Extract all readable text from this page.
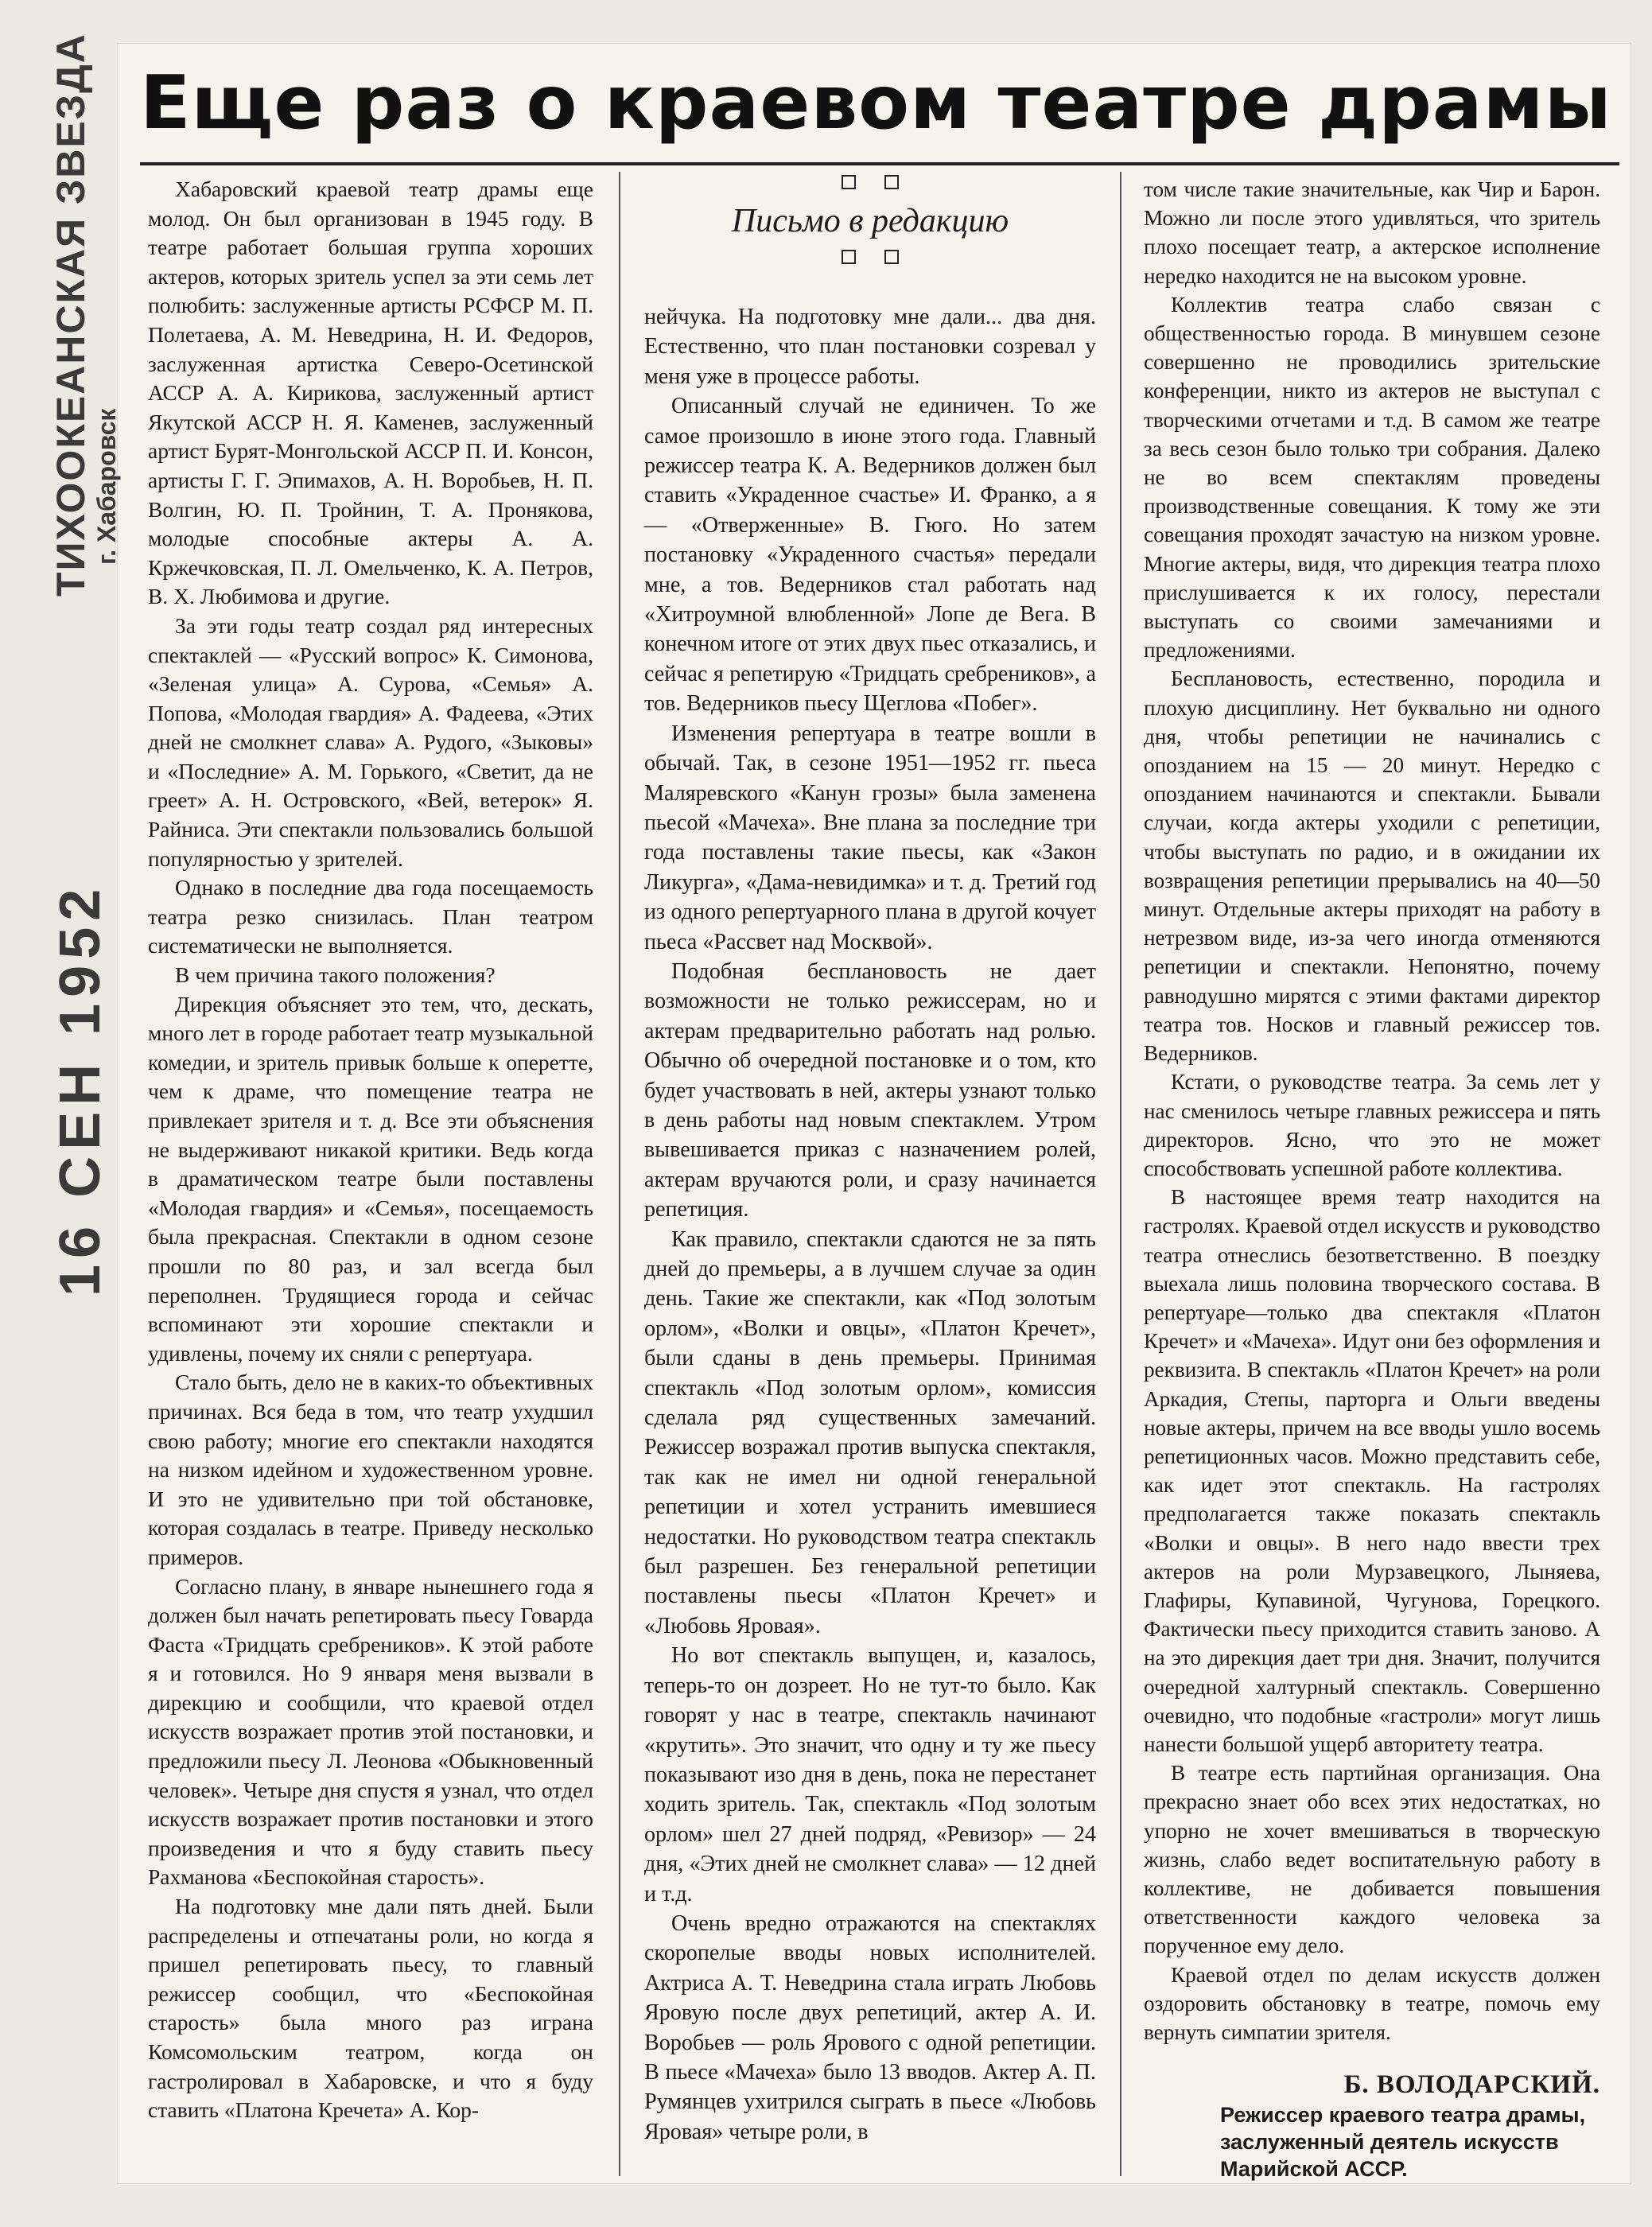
ТИХООКЕАНСКАЯ ЗВЕЗДА г. Хабаровск
16 СЕН 1952
Еще раз о краевом театре драмы

Хабаровский краевой театр драмы еще молод. Он был организован в 1945 году. В театре работает большая группа хороших актеров, которых зритель успел за эти семь лет полюбить: заслуженные артисты РСФСР М. П. Полетаева, А. М. Неведрина, Н. И. Федоров, заслуженная артистка Северо-Осетинской АССР А. А. Кирикова, заслуженный артист Якутской АССР Н. Я. Каменев, заслуженный артист Бурят-Монгольской АССР П. И. Консон, артисты Г. Г. Эпимахов, А. Н. Воробьев, Н. П. Волгин, Ю. П. Тройнин, Т. А. Пронякова, молодые способные актеры А. А. Кржечковская, П. Л. Омельченко, К. А. Петров, В. Х. Любимова и другие.

За эти годы театр создал ряд интересных спектаклей — «Русский вопрос» К. Симонова, «Зеленая улица» А. Сурова, «Семья» А. Попова, «Молодая гвардия» А. Фадеева, «Этих дней не смолкнет слава» А. Рудого, «Зыковы» и «Последние» А. М. Горького, «Светит, да не греет» А. Н. Островского, «Вей, ветерок» Я. Райниса. Эти спектакли пользовались большой популярностью у зрителей.

Однако в последние два года посещаемость театра резко снизилась. План театром систематически не выполняется.

В чем причина такого положения?

Дирекция объясняет это тем, что, дескать, много лет в городе работает театр музыкальной комедии, и зритель привык больше к оперетте, чем к драме, что помещение театра не привлекает зрителя и т. д. Все эти объяснения не выдерживают никакой критики. Ведь когда в драматическом театре были поставлены «Молодая гвардия» и «Семья», посещаемость была прекрасная. Спектакли в одном сезоне прошли по 80 раз, и зал всегда был переполнен. Трудящиеся города и сейчас вспоминают эти хорошие спектакли и удивлены, почему их сняли с репертуара.

Стало быть, дело не в каких-то объективных причинах. Вся беда в том, что театр ухудшил свою работу; многие его спектакли находятся на низком идейном и художественном уровне. И это не удивительно при той обстановке, которая создалась в театре. Приведу несколько примеров.

Согласно плану, в январе нынешнего года я должен был начать репетировать пьесу Говарда Фаста «Тридцать сребреников». К этой работе я и готовился. Но 9 января меня вызвали в дирекцию и сообщили, что краевой отдел искусств возражает против этой постановки, и предложили пьесу Л. Леонова «Обыкновенный человек». Четыре дня спустя я узнал, что отдел искусств возражает против постановки и этого произведения и что я буду ставить пьесу Рахманова «Беспокойная старость».

На подготовку мне дали пять дней. Были распределены и отпечатаны роли, но когда я пришел репетировать пьесу, то главный режиссер сообщил, что «Беспокойная старость» была много раз играна Комсомольским театром, когда он гастролировал в Хабаровске, и что я буду ставить «Платона Кречета» А. Кор-

Письмо в редакцию

нейчука. На подготовку мне дали... два дня. Естественно, что план постановки созревал у меня уже в процессе работы.

Описанный случай не единичен. То же самое произошло в июне этого года. Главный режиссер театра К. А. Ведерников должен был ставить «Украденное счастье» И. Франко, а я — «Отверженные» В. Гюго. Но затем постановку «Украденного счастья» передали мне, а тов. Ведерников стал работать над «Хитроумной влюбленной» Лопе де Вега. В конечном итоге от этих двух пьес отказались, и сейчас я репетирую «Тридцать сребреников», а тов. Ведерников пьесу Щеглова «Побег».

Изменения репертуара в театре вошли в обычай. Так, в сезоне 1951—1952 гг. пьеса Маляревского «Канун грозы» была заменена пьесой «Мачеха». Вне плана за последние три года поставлены такие пьесы, как «Закон Ликурга», «Дама-невидимка» и т. д. Третий год из одного репертуарного плана в другой кочует пьеса «Рассвет над Москвой».

Подобная бесплановость не дает возможности не только режиссерам, но и актерам предварительно работать над ролью. Обычно об очередной постановке и о том, кто будет участвовать в ней, актеры узнают только в день работы над новым спектаклем. Утром вывешивается приказ с назначением ролей, актерам вручаются роли, и сразу начинается репетиция.

Как правило, спектакли сдаются не за пять дней до премьеры, а в лучшем случае за один день. Такие же спектакли, как «Под золотым орлом», «Волки и овцы», «Платон Кречет», были сданы в день премьеры. Принимая спектакль «Под золотым орлом», комиссия сделала ряд существенных замечаний. Режиссер возражал против выпуска спектакля, так как не имел ни одной генеральной репетиции и хотел устранить имевшиеся недостатки. Но руководством театра спектакль был разрешен. Без генеральной репетиции поставлены пьесы «Платон Кречет» и «Любовь Яровая».

Но вот спектакль выпущен, и, казалось, теперь-то он дозреет. Но не тут-то было. Как говорят у нас в театре, спектакль начинают «крутить». Это значит, что одну и ту же пьесу показывают изо дня в день, пока не перестанет ходить зритель. Так, спектакль «Под золотым орлом» шел 27 дней подряд, «Ревизор» — 24 дня, «Этих дней не смолкнет слава» — 12 дней и т.д.

Очень вредно отражаются на спектаклях скоропелые вводы новых исполнителей. Актриса А. Т. Неведрина стала играть Любовь Яровую после двух репетиций, актер А. И. Воробьев — роль Ярового с одной репетиции. В пьесе «Мачеха» было 13 вводов. Актер А. П. Румянцев ухитрился сыграть в пьесе «Любовь Яровая» четыре роли, в

том числе такие значительные, как Чир и Барон. Можно ли после этого удивляться, что зритель плохо посещает театр, а актерское исполнение нередко находится не на высоком уровне.

Коллектив театра слабо связан с общественностью города. В минувшем сезоне совершенно не проводились зрительские конференции, никто из актеров не выступал с творческими отчетами и т.д. В самом же театре за весь сезон было только три собрания. Далеко не во всем спектаклям проведены производственные совещания. К тому же эти совещания проходят зачастую на низком уровне. Многие актеры, видя, что дирекция театра плохо прислушивается к их голосу, перестали выступать со своими замечаниями и предложениями.

Бесплановость, естественно, породила и плохую дисциплину. Нет буквально ни одного дня, чтобы репетиции не начинались с опозданием на 15 — 20 минут. Нередко с опозданием начинаются и спектакли. Бывали случаи, когда актеры уходили с репетиции, чтобы выступать по радио, и в ожидании их возвращения репетиции прерывались на 40—50 минут. Отдельные актеры приходят на работу в нетрезвом виде, из-за чего иногда отменяются репетиции и спектакли. Непонятно, почему равнодушно мирятся с этими фактами директор театра тов. Носков и главный режиссер тов. Ведерников.

Кстати, о руководстве театра. За семь лет у нас сменилось четыре главных режиссера и пять директоров. Ясно, что это не может способствовать успешной работе коллектива.

В настоящее время театр находится на гастролях. Краевой отдел искусств и руководство театра отнеслись безответственно. В поездку выехала лишь половина творческого состава. В репертуаре—только два спектакля «Платон Кречет» и «Мачеха». Идут они без оформления и реквизита. В спектакль «Платон Кречет» на роли Аркадия, Степы, парторга и Ольги введены новые актеры, причем на все вводы ушло восемь репетиционных часов. Можно представить себе, как идет этот спектакль. На гастролях предполагается также показать спектакль «Волки и овцы». В него надо ввести трех актеров на роли Мурзавецкого, Лыняева, Глафиры, Купавиной, Чугунова, Горецкого. Фактически пьесу приходится ставить заново. А на это дирекция дает три дня. Значит, получится очередной халтурный спектакль. Совершенно очевидно, что подобные «гастроли» могут лишь нанести большой ущерб авторитету театра.

В театре есть партийная организация. Она прекрасно знает обо всех этих недостатках, но упорно не хочет вмешиваться в творческую жизнь, слабо ведет воспитательную работу в коллективе, не добивается повышения ответственности каждого человека за порученное ему дело.

Краевой отдел по делам искусств должен оздоровить обстановку в театре, помочь ему вернуть симпатии зрителя.

Б. ВОЛОДАРСКИЙ.
Режиссер краевого театра драмы,
заслуженный деятель искусств
Марийской АССР.
